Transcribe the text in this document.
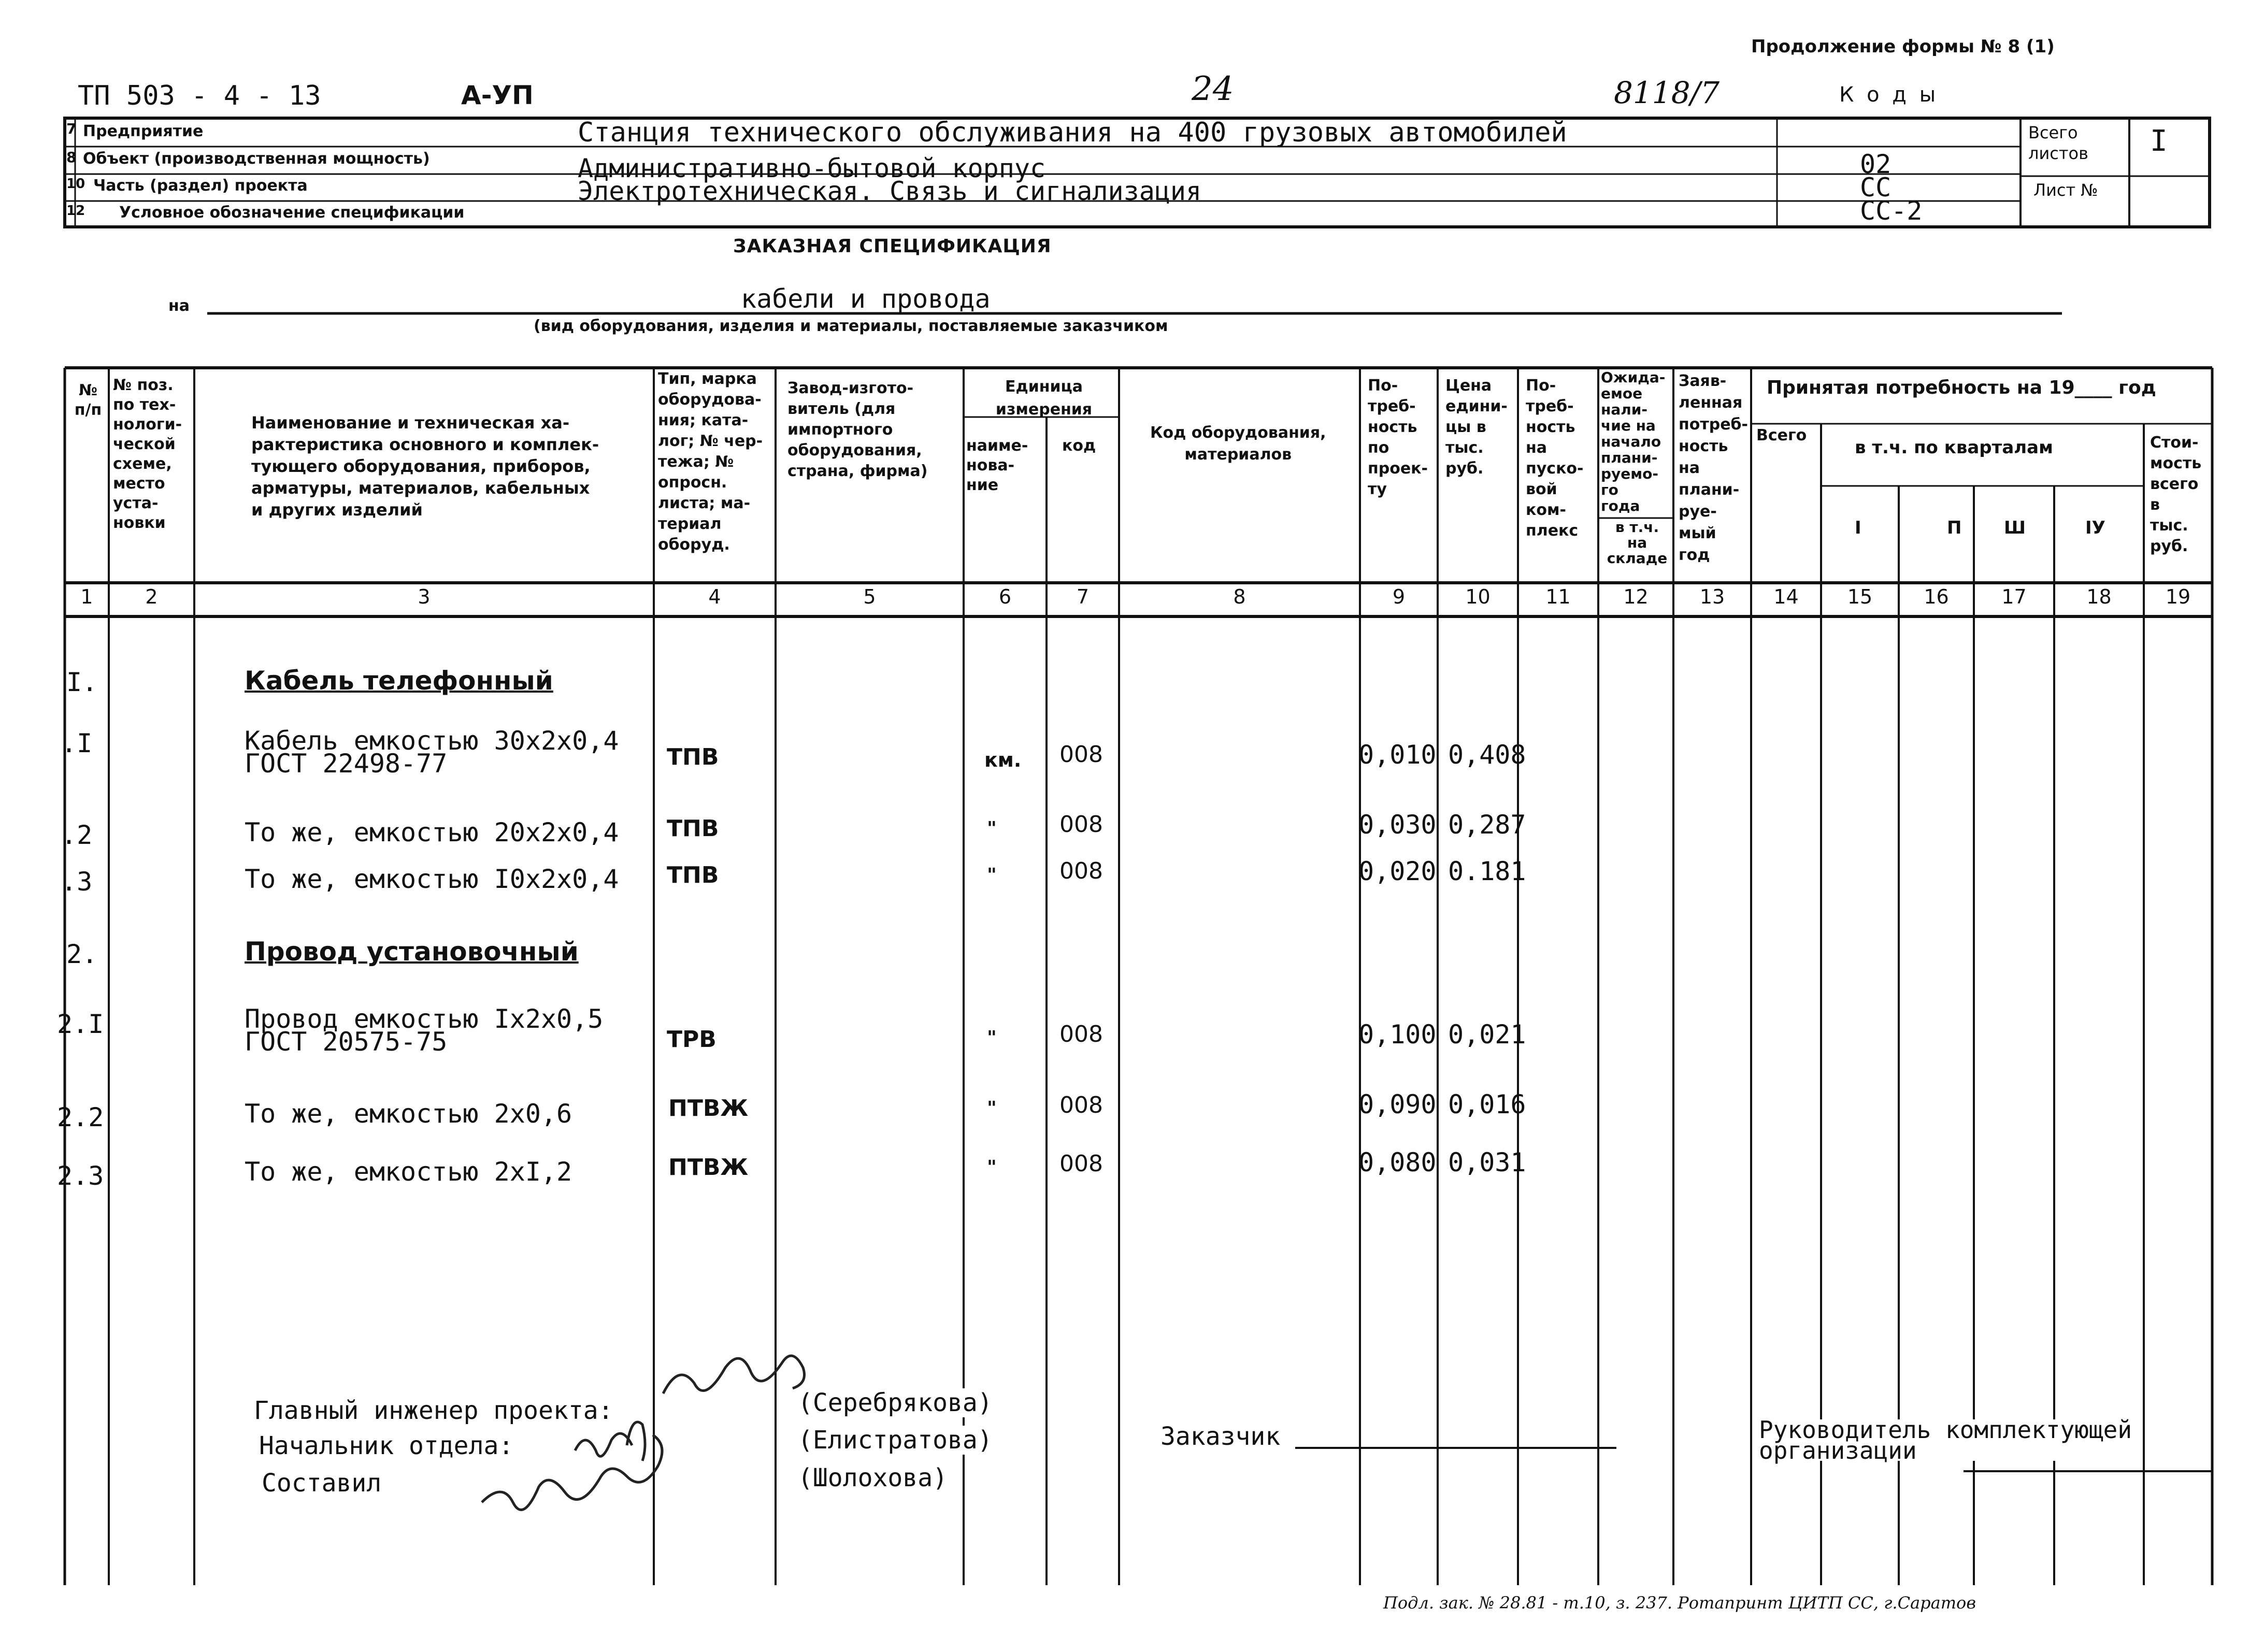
Продолжение формы № 8 (1)
ТП 503 - 4 - 13	А-УП	24	8118/7	К о д ы
7 Предприятие	Станция технического обслуживания на 400 грузовых автомобилей
8 Объект (производственная мощность)	Административно-бытовой корпус	02
10 Часть (раздел) проекта	Электротехническая. Связь и сигнализация	СС
12 Условное обозначение спецификации	СС-2
Всего листов	I
Лист №
ЗАКАЗНАЯ СПЕЦИФИКАЦИЯ
на	кабели и провода
(вид оборудования, изделия и материалы, поставляемые заказчиком
№
п/п
№ поз.
по тех-
нологи-
ческой
схеме,
место
уста-
новки
Наименование и техническая ха-
рактеристика основного и комплек-
тующего оборудования, приборов,
арматуры, материалов, кабельных
и других изделий
Тип, марка
оборудова-
ния; ката-
лог; № чер-
тежа; №
опросн.
листа; ма-
териал
оборуд.
Завод-изгото-
витель (для
импортного
оборудования,
страна, фирма)
Единица
измерения
наиме-
нова-
ние
код
Код оборудования,
материалов
По-
треб-
ность
по
проек-
ту
Цена
едини-
цы в
тыс.
руб.
По-
треб-
ность
на
пуско-
вой
ком-
плекс
Ожида-
емое
нали-
чие на
начало
плани-
руемо-
го
года
в т.ч.
на
складе
Заяв-
ленная
потреб-
ность
на
плани-
руе-
мый
год
Принятая потребность на 19____ год
Всего
в т.ч. по кварталам
I	П Ш	IУ
Стои-
мость
всего
в
тыс.
руб.
1	2	3	4	5	6	7	8	9	10	11	12	13	14	15	16	17	18	19
I.	Кабель телефонный
.I	Кабель емкостью 30х2х0,4
ГОСТ 22498-77	ТПВ	км. 008	0,010 0,408
.2	То же, емкостью 20х2х0,4 ТПВ	"	008	0,030 0,287
.3	То же, емкостью I0х2х0,4 ТПВ	"	008	0,020 0.181
2.	Провод установочный
2.I	Провод емкостью Iх2х0,5
ГОСТ 20575-75	ТРВ	"	008	0,100 0,021
2.2	То же, емкостью 2х0,6	ПТВЖ	"	008	0,090 0,016
2.3	То же, емкостью 2хI,2	ПТВЖ	"	008	0,080 0,031
Главный инженер проекта:
Начальник отдела:
Составил
(Серебрякова)
(Елистратова)
(Шолохова)
Заказчик	Руководитель комплектующей
организации
Подл. зак. № 28.81 - т.10, з. 237. Ротапринт ЦИТП СС, г.Саратов
